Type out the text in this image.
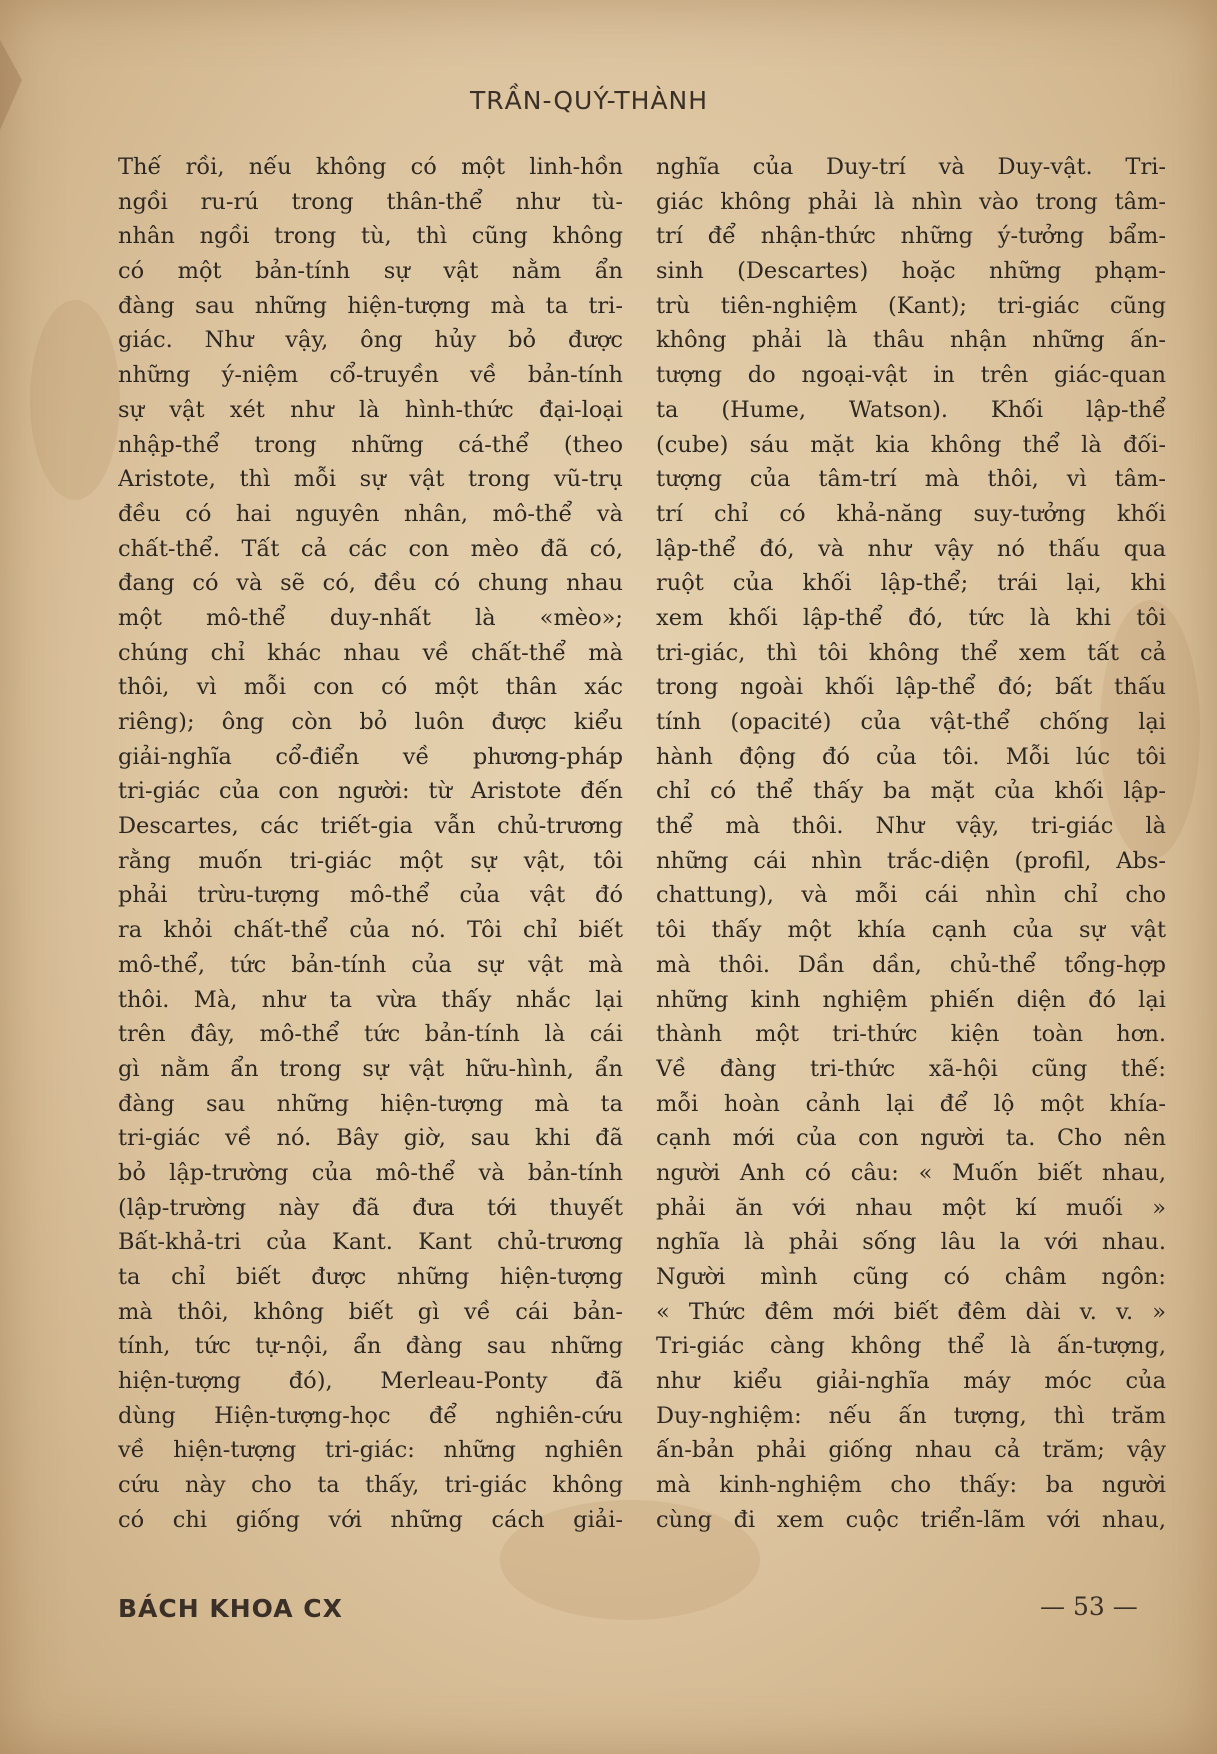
TRẦN-QUÝ-THÀNH
Thế rồi, nếu không có một linh-hồn
ngồi ru-rú trong thân-thể như tù-
nhân ngồi trong tù, thì cũng không
có một bản-tính sự vật nằm ẩn
đàng sau những hiện-tượng mà ta tri-
giác. Như vậy, ông hủy bỏ được
những ý-niệm cổ-truyền về bản-tính
sự vật xét như là hình-thức đại-loại
nhập-thể trong những cá-thể (theo
Aristote, thì mỗi sự vật trong vũ-trụ
đều có hai nguyên nhân, mô-thể và
chất-thể. Tất cả các con mèo đã có,
đang có và sẽ có, đều có chung nhau
một mô-thể duy-nhất là «mèo»;
chúng chỉ khác nhau về chất-thể mà
thôi, vì mỗi con có một thân xác
riêng); ông còn bỏ luôn được kiểu
giải-nghĩa cổ-điển về phương-pháp
tri-giác của con người: từ Aristote đến
Descartes, các triết-gia vẫn chủ-trương
rằng muốn tri-giác một sự vật, tôi
phải trừu-tượng mô-thể của vật đó
ra khỏi chất-thể của nó. Tôi chỉ biết
mô-thể, tức bản-tính của sự vật mà
thôi. Mà, như ta vừa thấy nhắc lại
trên đây, mô-thể tức bản-tính là cái
gì nằm ẩn trong sự vật hữu-hình, ẩn
đàng sau những hiện-tượng mà ta
tri-giác về nó. Bây giờ, sau khi đã
bỏ lập-trường của mô-thể và bản-tính
(lập-trường này đã đưa tới thuyết
Bất-khả-tri của Kant. Kant chủ-trương
ta chỉ biết được những hiện-tượng
mà thôi, không biết gì về cái bản-
tính, tức tự-nội, ẩn đàng sau những
hiện-tượng đó), Merleau-Ponty đã
dùng Hiện-tượng-học để nghiên-cứu
về hiện-tượng tri-giác: những nghiên
cứu này cho ta thấy, tri-giác không
có chi giống với những cách giải-
nghĩa của Duy-trí và Duy-vật. Tri-
giác không phải là nhìn vào trong tâm-
trí để nhận-thức những ý-tưởng bẩm-
sinh (Descartes) hoặc những phạm-
trù tiên-nghiệm (Kant); tri-giác cũng
không phải là thâu nhận những ấn-
tượng do ngoại-vật in trên giác-quan
ta (Hume, Watson). Khối lập-thể
(cube) sáu mặt kia không thể là đối-
tượng của tâm-trí mà thôi, vì tâm-
trí chỉ có khả-năng suy-tưởng khối
lập-thể đó, và như vậy nó thấu qua
ruột của khối lập-thể; trái lại, khi
xem khối lập-thể đó, tức là khi tôi
tri-giác, thì tôi không thể xem tất cả
trong ngoài khối lập-thể đó; bất thấu
tính (opacité) của vật-thể chống lại
hành động đó của tôi. Mỗi lúc tôi
chỉ có thể thấy ba mặt của khối lập-
thể mà thôi. Như vậy, tri-giác là
những cái nhìn trắc-diện (profil, Abs-
chattung), và mỗi cái nhìn chỉ cho
tôi thấy một khía cạnh của sự vật
mà thôi. Dần dần, chủ-thể tổng-hợp
những kinh nghiệm phiến diện đó lại
thành một tri-thức kiện toàn hơn.
Về đàng tri-thức xã-hội cũng thế:
mỗi hoàn cảnh lại để lộ một khía-
cạnh mới của con người ta. Cho nên
người Anh có câu: « Muốn biết nhau,
phải ăn với nhau một kí muối »
nghĩa là phải sống lâu la với nhau.
Người mình cũng có châm ngôn:
« Thức đêm mới biết đêm dài v. v. »
Tri-giác càng không thể là ấn-tượng,
như kiểu giải-nghĩa máy móc của
Duy-nghiệm: nếu ấn tượng, thì trăm
ấn-bản phải giống nhau cả trăm; vậy
mà kinh-nghiệm cho thấy: ba người
cùng đi xem cuộc triển-lãm với nhau,
BÁCH KHOA CX	— 53 —
